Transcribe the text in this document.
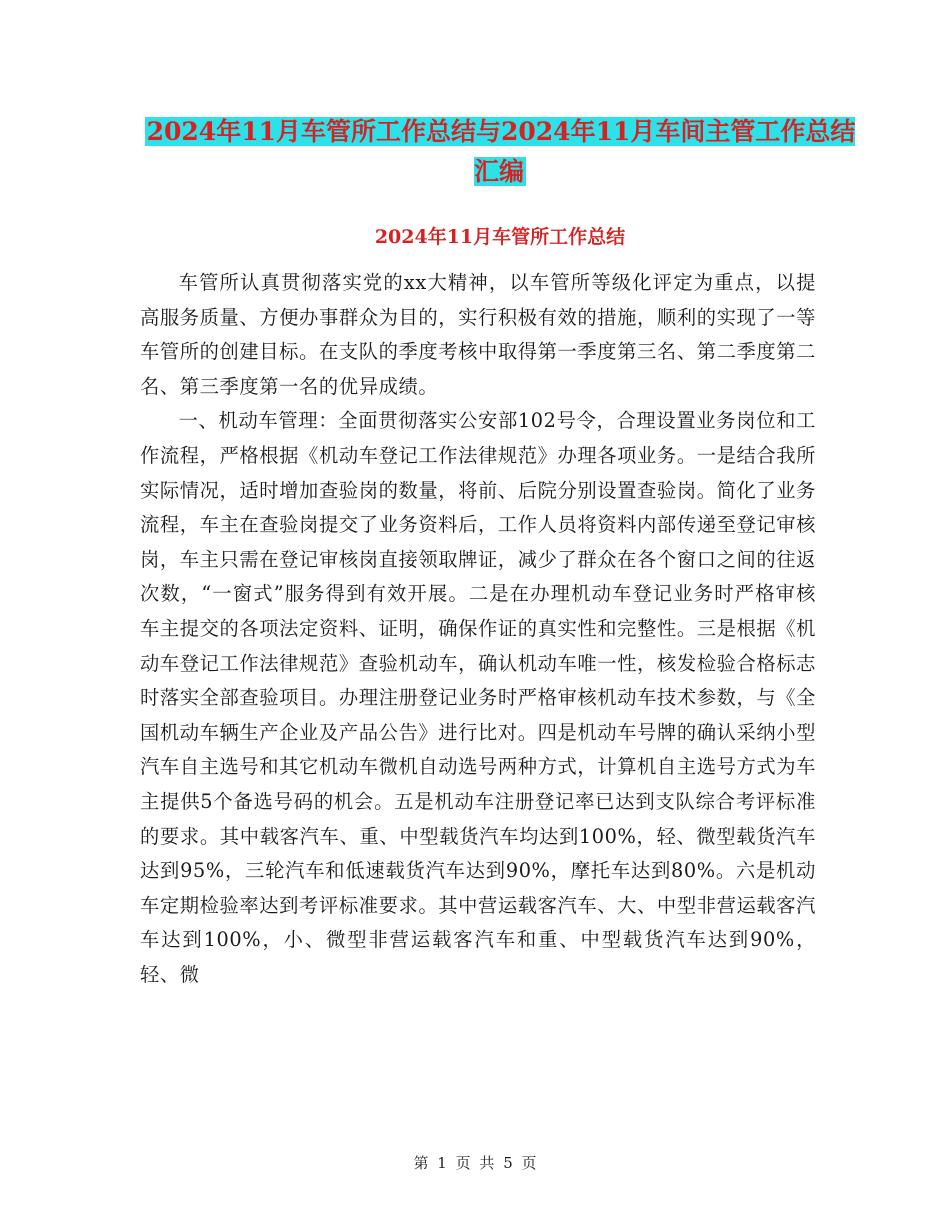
2024年11月车管所工作总结与2024年11月车间主管工作总结汇编
2024年11月车管所工作总结

车管所认真贯彻落实党的xx大精神，以车管所等级化评定为重点，以提高服务质量、方便办事群众为目的，实行积极有效的措施，顺利的实现了一等车管所的创建目标。在支队的季度考核中取得第一季度第三名、第二季度第二名、第三季度第一名的优异成绩。

一、机动车管理：全面贯彻落实公安部102号令，合理设置业务岗位和工作流程，严格根据《机动车登记工作法律规范》办理各项业务。一是结合我所实际情况，适时增加查验岗的数量，将前、后院分别设置查验岗。简化了业务流程，车主在查验岗提交了业务资料后，工作人员将资料内部传递至登记审核岗，车主只需在登记审核岗直接领取牌证，减少了群众在各个窗口之间的往返次数，“一窗式”服务得到有效开展。二是在办理机动车登记业务时严格审核车主提交的各项法定资料、证明，确保作证的真实性和完整性。三是根据《机动车登记工作法律规范》查验机动车，确认机动车唯一性，核发检验合格标志时落实全部查验项目。办理注册登记业务时严格审核机动车技术参数，与《全国机动车辆生产企业及产品公告》进行比对。四是机动车号牌的确认采纳小型汽车自主选号和其它机动车微机自动选号两种方式，计算机自主选号方式为车主提供5个备选号码的机会。五是机动车注册登记率已达到支队综合考评标准的要求。其中载客汽车、重、中型载货汽车均达到100%，轻、微型载货汽车达到95%，三轮汽车和低速载货汽车达到90%，摩托车达到80%。六是机动车定期检验率达到考评标准要求。其中营运载客汽车、大、中型非营运载客汽车达到100%，小、微型非营运载客汽车和重、中型载货汽车达到90%，轻、微

第 1 页 共 5 页
